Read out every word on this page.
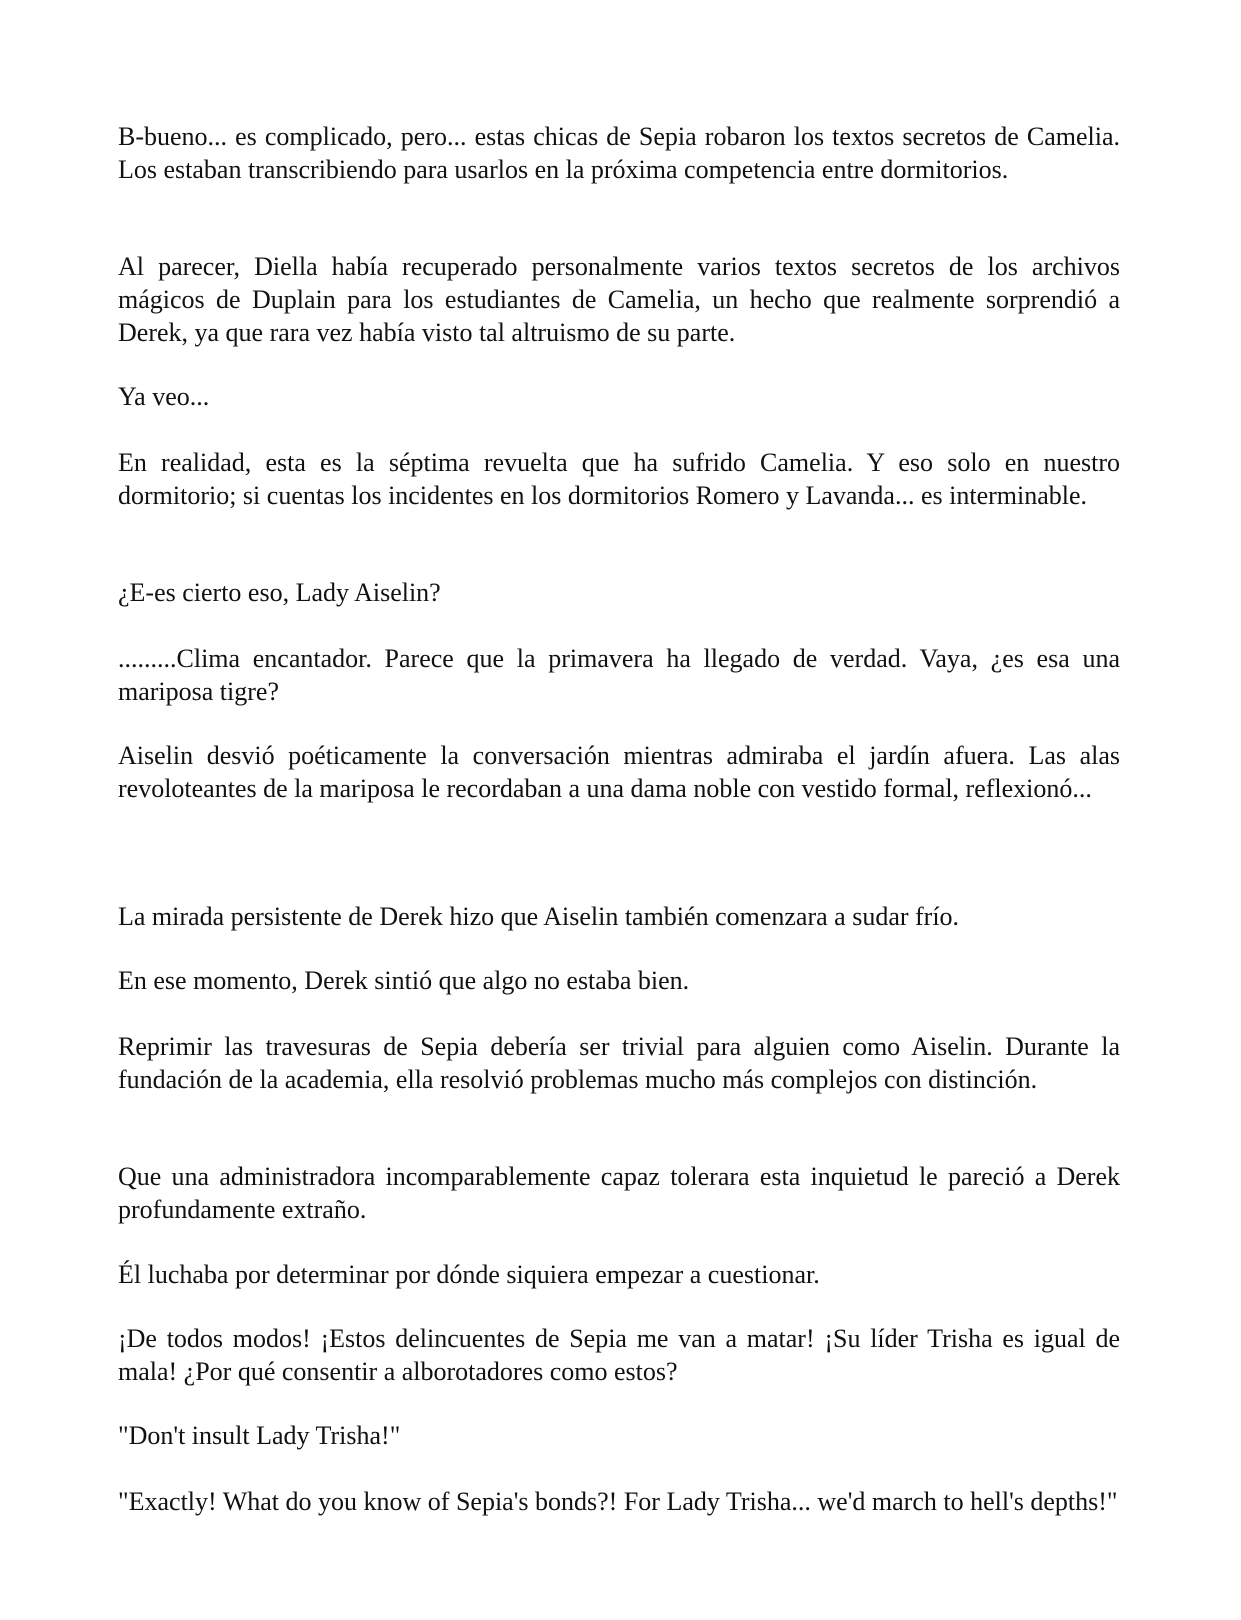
B-bueno... es complicado, pero... estas chicas de Sepia robaron los textos secretos de Camelia. Los estaban transcribiendo para usarlos en la próxima competencia entre dormitorios.

Al parecer, Diella había recuperado personalmente varios textos secretos de los archivos mágicos de Duplain para los estudiantes de Camelia, un hecho que realmente sorprendió a Derek, ya que rara vez había visto tal altruismo de su parte.

Ya veo...

En realidad, esta es la séptima revuelta que ha sufrido Camelia. Y eso solo en nuestro dormitorio; si cuentas los incidentes en los dormitorios Romero y Lavanda... es interminable.

¿E-es cierto eso, Lady Aiselin?

.........Clima encantador. Parece que la primavera ha llegado de verdad. Vaya, ¿es esa una mariposa tigre?

Aiselin desvió poéticamente la conversación mientras admiraba el jardín afuera. Las alas revoloteantes de la mariposa le recordaban a una dama noble con vestido formal, reflexionó...

La mirada persistente de Derek hizo que Aiselin también comenzara a sudar frío.

En ese momento, Derek sintió que algo no estaba bien.

Reprimir las travesuras de Sepia debería ser trivial para alguien como Aiselin. Durante la fundación de la academia, ella resolvió problemas mucho más complejos con distinción.

Que una administradora incomparablemente capaz tolerara esta inquietud le pareció a Derek profundamente extraño.

Él luchaba por determinar por dónde siquiera empezar a cuestionar.

¡De todos modos! ¡Estos delincuentes de Sepia me van a matar! ¡Su líder Trisha es igual de mala! ¿Por qué consentir a alborotadores como estos?

"Don't insult Lady Trisha!"

"Exactly! What do you know of Sepia's bonds?! For Lady Trisha... we'd march to hell's depths!"
